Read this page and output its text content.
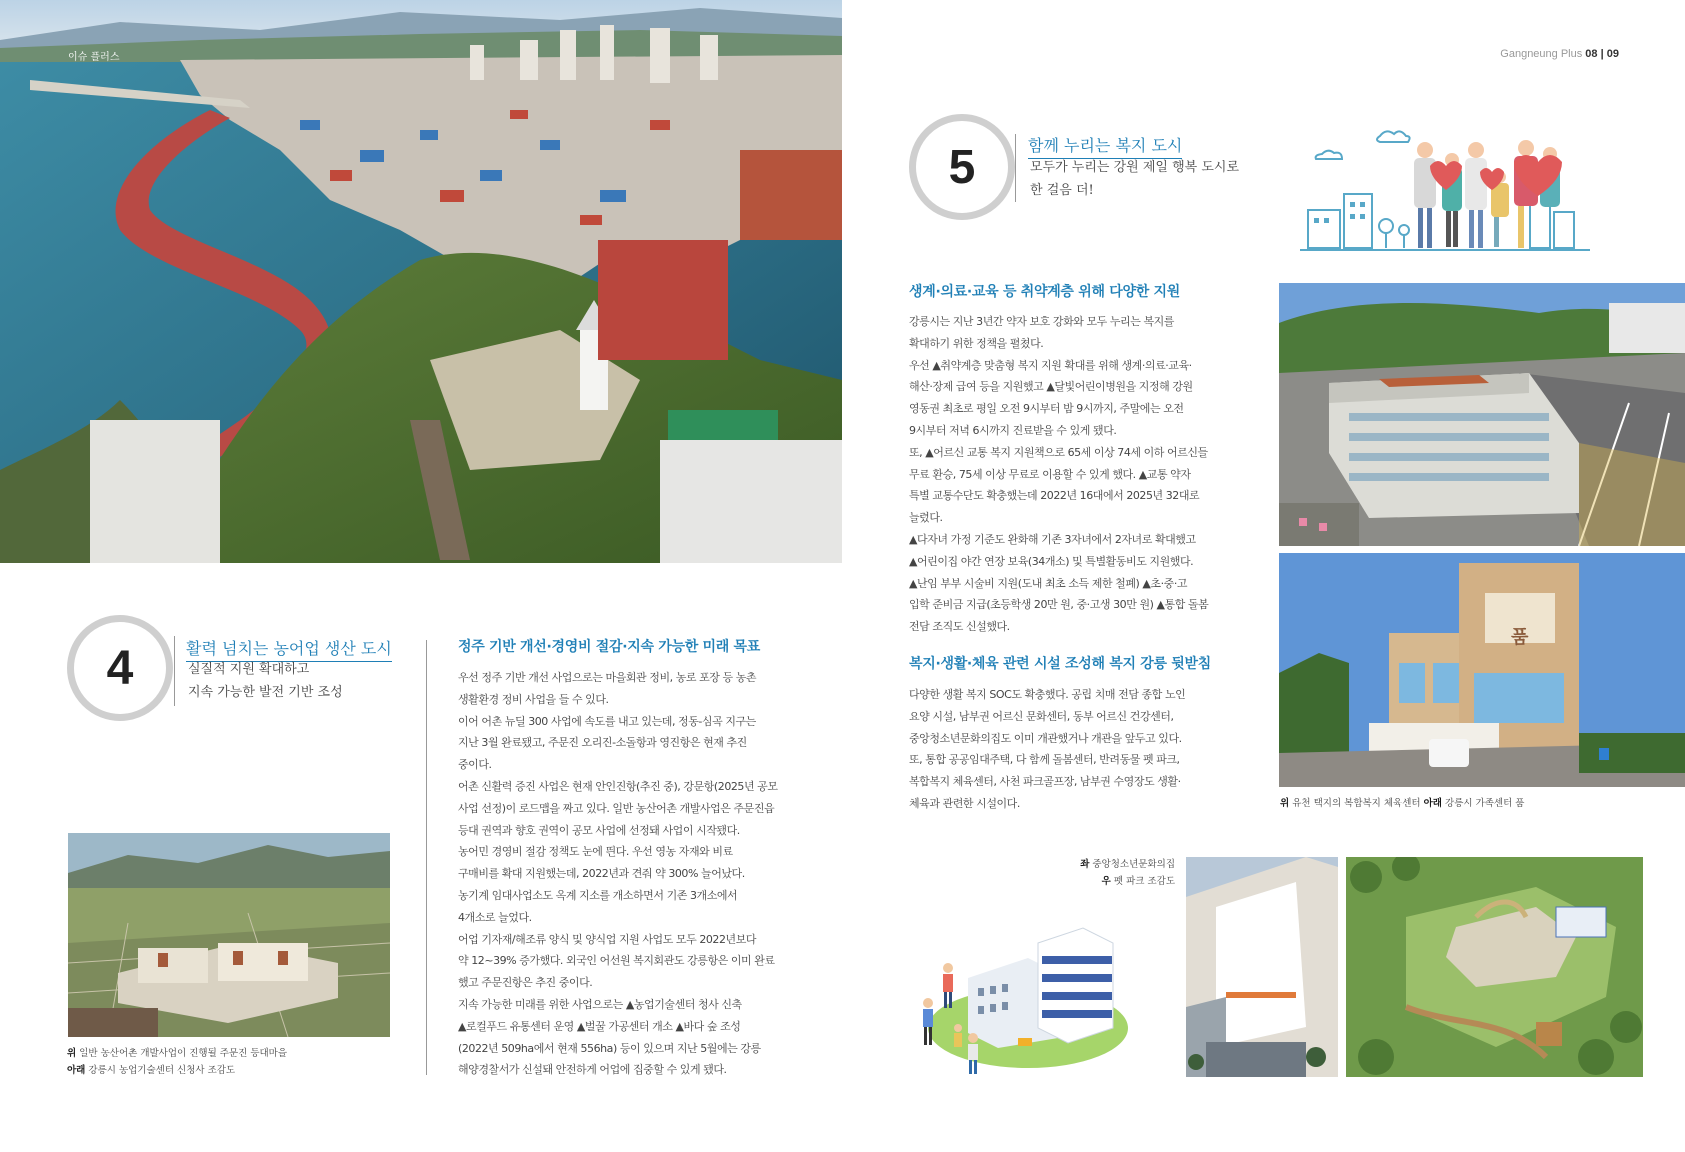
이슈 플러스
4	활력 넘치는 농어업 생산 도시
실질적 지원 확대하고
지속 가능한 발전 기반 조성
위 일반 농산어촌 개발사업이 진행될 주문진 등대마을
아래 강릉시 농업기술센터 신청사 조감도
정주 기반 개선·경영비 절감·지속 가능한 미래 목표
우선 정주 기반 개선 사업으로는 마을회관 정비, 농로 포장 등 농촌
생활환경 정비 사업을 들 수 있다.
이어 어촌 뉴딜 300 사업에 속도를 내고 있는데, 정동-심곡 지구는
지난 3월 완료됐고, 주문진 오리진-소돌항과 영진항은 현재 추진
중이다.
어촌 신활력 증진 사업은 현재 안인진항(추진 중), 강문항(2025년 공모
사업 선정)이 로드맵을 짜고 있다. 일반 농산어촌 개발사업은 주문진읍
등대 권역과 향호 권역이 공모 사업에 선정돼 사업이 시작됐다.
농어민 경영비 절감 정책도 눈에 띈다. 우선 영농 자재와 비료
구매비를 확대 지원했는데, 2022년과 견줘 약 300% 늘어났다.
농기계 임대사업소도 옥계 지소를 개소하면서 기존 3개소에서
4개소로 늘었다.
어업 기자재/해조류 양식 및 양식업 지원 사업도 모두 2022년보다
약 12~39% 증가했다. 외국인 어선원 복지회관도 강릉항은 이미 완료
했고 주문진항은 추진 중이다.
지속 가능한 미래를 위한 사업으로는 ▲농업기술센터 청사 신축
▲로컬푸드 유통센터 운영 ▲벌꿀 가공센터 개소 ▲바다 숲 조성
(2022년 509ha에서 현재 556ha) 등이 있으며 지난 5월에는 강릉
해양경찰서가 신설돼 안전하게 어업에 집중할 수 있게 됐다.
Gangneung Plus 08 | 09
5	함께 누리는 복지 도시
모두가 누리는 강원 제일 행복 도시로
한 걸음 더!
생계·의료·교육 등 취약계층 위해 다양한 지원
강릉시는 지난 3년간 약자 보호 강화와 모두 누리는 복지를
확대하기 위한 정책을 펼쳤다.
우선 ▲취약계층 맞춤형 복지 지원 확대를 위해 생계·의료·교육·
해산·장제 급여 등을 지원했고 ▲달빛어린이병원을 지정해 강원
영동권 최초로 평일 오전 9시부터 밤 9시까지, 주말에는 오전
9시부터 저녁 6시까지 진료받을 수 있게 됐다.
또, ▲어르신 교통 복지 지원책으로 65세 이상 74세 이하 어르신들
무료 환승, 75세 이상 무료로 이용할 수 있게 했다. ▲교통 약자
특별 교통수단도 확충했는데 2022년 16대에서 2025년 32대로
늘렸다.
▲다자녀 가정 기준도 완화해 기존 3자녀에서 2자녀로 확대했고
▲어린이집 야간 연장 보육(34개소) 및 특별활동비도 지원했다.
▲난임 부부 시술비 지원(도내 최초 소득 제한 철폐) ▲초·중·고
입학 준비금 지급(초등학생 20만 원, 중·고생 30만 원) ▲통합 돌봄
전담 조직도 신설했다.
복지·생활·체육 관련 시설 조성해 복지 강릉 뒷받침
다양한 생활 복지 SOC도 확충했다. 공립 치매 전담 종합 노인
요양 시설, 남부권 어르신 문화센터, 동부 어르신 건강센터,
중앙청소년문화의집도 이미 개관했거나 개관을 앞두고 있다.
또, 통합 공공임대주택, 다 함께 돌봄센터, 반려동물 펫 파크,
복합복지 체육센터, 사천 파크골프장, 남부권 수영장도 생활·
체육과 관련한 시설이다.
품
위 유천 택지의 복합복지 체육센터 아래 강릉시 가족센터 품
좌 중앙청소년문화의집
우 펫 파크 조감도
